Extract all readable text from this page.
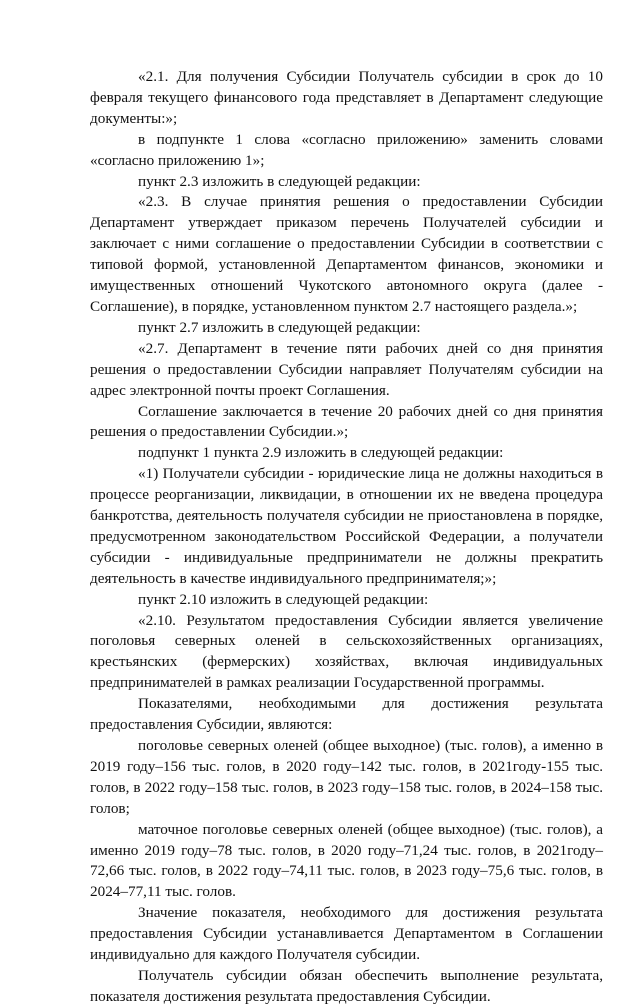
«2.1. Для получения Субсидии Получатель субсидии в срок до 10 февраля текущего финансового года представляет в Департамент следующие документы:»;

в подпункте 1 слова «согласно приложению» заменить словами «согласно приложению 1»;

пункт 2.3 изложить в следующей редакции:

«2.3. В случае принятия решения о предоставлении Субсидии Департамент утверждает приказом перечень Получателей субсидии и заключает с ними соглашение о предоставлении Субсидии в соответствии с типовой формой, установленной Департаментом финансов, экономики и имущественных отношений Чукотского автономного округа (далее - Соглашение), в порядке, установленном пунктом 2.7 настоящего раздела.»;

пункт 2.7 изложить в следующей редакции:

«2.7. Департамент в течение пяти рабочих дней со дня принятия решения о предоставлении Субсидии направляет Получателям субсидии на адрес электронной почты проект Соглашения.

Соглашение заключается в течение 20 рабочих дней со дня принятия решения о предоставлении Субсидии.»;

подпункт 1 пункта 2.9 изложить в следующей редакции:

«1) Получатели субсидии - юридические лица не должны находиться в процессе реорганизации, ликвидации, в отношении их не введена процедура банкротства, деятельность получателя субсидии не приостановлена в порядке, предусмотренном законодательством Российской Федерации, а получатели субсидии - индивидуальные предприниматели не должны прекратить деятельность в качестве индивидуального предпринимателя;»;

пункт 2.10 изложить в следующей редакции:

«2.10. Результатом предоставления Субсидии является увеличение поголовья северных оленей в сельскохозяйственных организациях, крестьянских (фермерских) хозяйствах, включая индивидуальных предпринимателей в рамках реализации Государственной программы.

Показателями, необходимыми для достижения результата предоставления Субсидии, являются:

поголовье северных оленей (общее выходное) (тыс. голов), а именно в 2019 году–156 тыс. голов, в 2020 году–142 тыс. голов, в 2021году-155 тыс. голов, в 2022 году–158 тыс. голов, в 2023 году–158 тыс. голов, в 2024–158 тыс. голов;

маточное поголовье северных оленей (общее выходное) (тыс. голов), а именно 2019 году–78 тыс. голов, в 2020 году–71,24 тыс. голов, в 2021году–72,66 тыс. голов, в 2022 году–74,11 тыс. голов, в 2023 году–75,6 тыс. голов, в 2024–77,11 тыс. голов.

Значение показателя, необходимого для достижения результата предоставления Субсидии устанавливается Департаментом в Соглашении индивидуально для каждого Получателя субсидии.

Получатель субсидии обязан обеспечить выполнение результата, показателя достижения результата предоставления Субсидии.
